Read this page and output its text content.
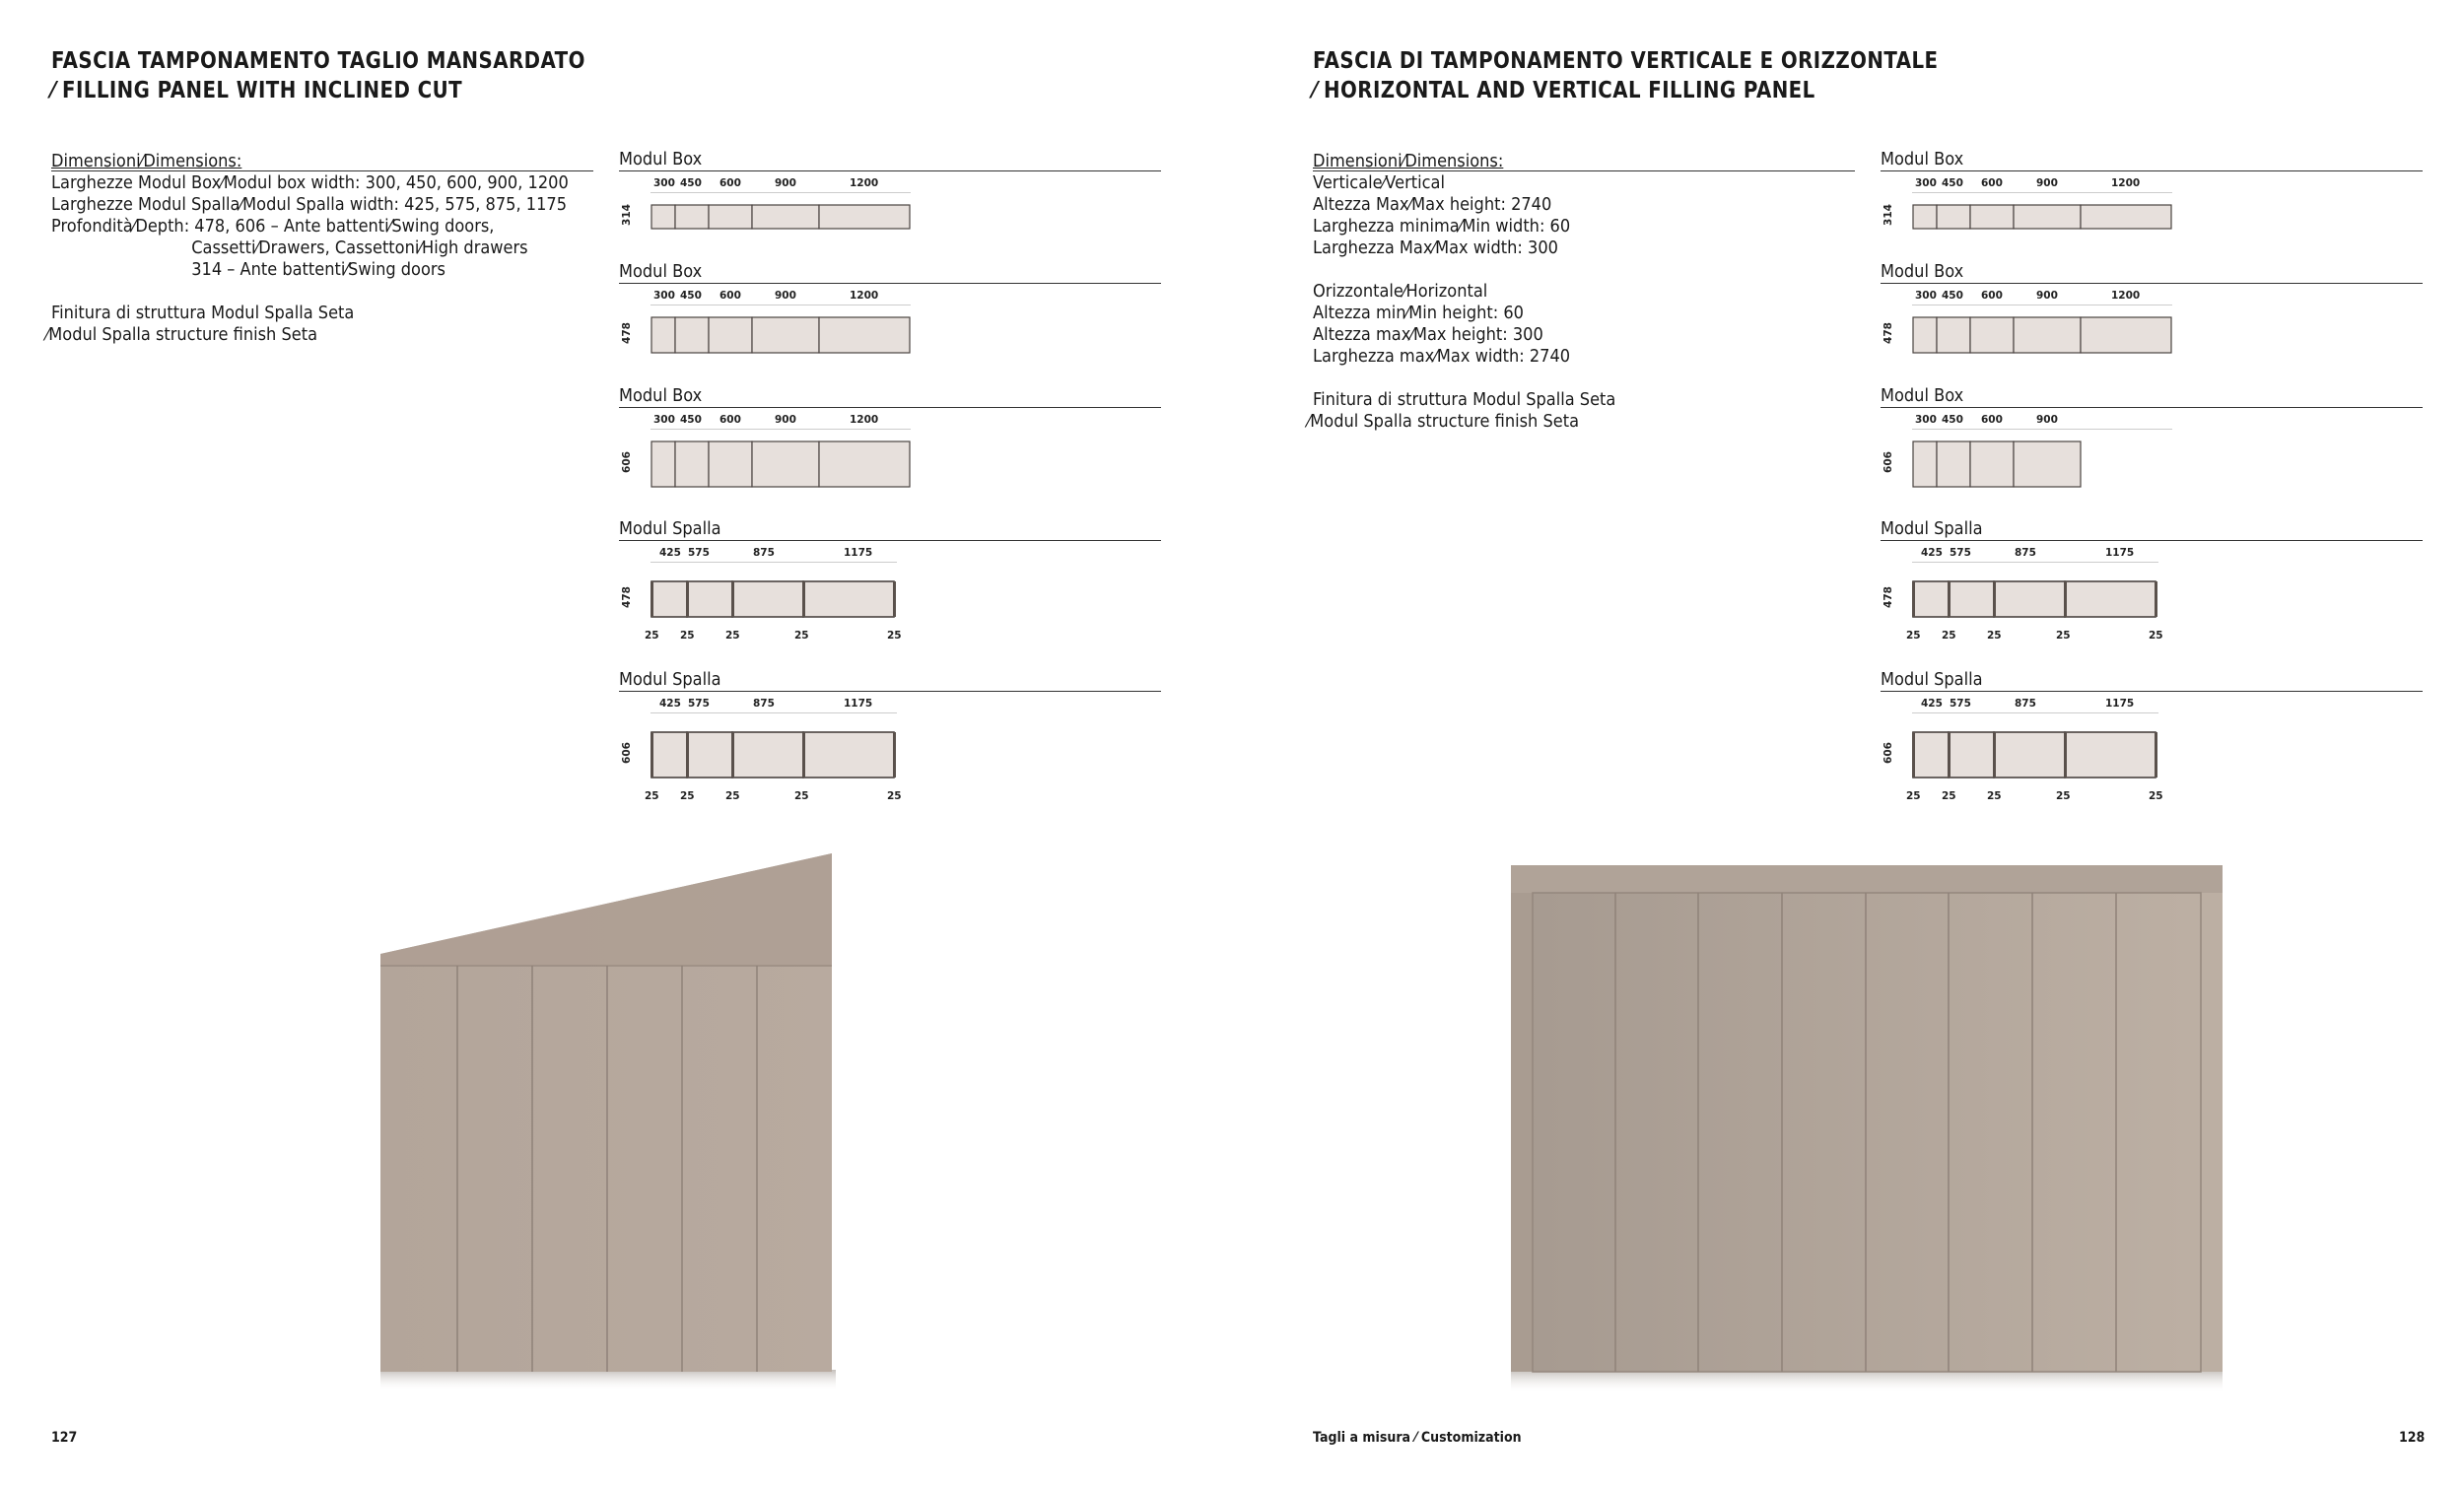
FASCIA TAMPONAMENTO TAGLIO MANSARDATO
⁄ FILLING PANEL WITH INCLINED CUT
FASCIA DI TAMPONAMENTO VERTICALE E ORIZZONTALE
⁄ HORIZONTAL AND VERTICAL FILLING PANEL
Dimensioni⁄Dimensions:
Larghezze Modul Box⁄Modul box width: 300, 450, 600, 900, 1200
Larghezze Modul Spalla⁄Modul Spalla width: 425, 575, 875, 1175
Profondità⁄Depth: 478, 606 – Ante battenti⁄Swing doors,
Cassetti⁄Drawers, Cassettoni⁄High drawers
314 – Ante battenti⁄Swing doors
Finitura di struttura Modul Spalla Seta
⁄Modul Spalla structure finish Seta
Dimensioni⁄Dimensions:
Verticale⁄Vertical
Altezza Max⁄Max height: 2740
Larghezza minima⁄Min width: 60
Larghezza Max⁄Max width: 300
Orizzontale⁄Horizontal
Altezza min⁄Min height: 60
Altezza max⁄Max height: 300
Larghezza max⁄Max width: 2740
Finitura di struttura Modul Spalla Seta
⁄Modul Spalla structure finish Seta
Modul Box
300 450 600	900	1200
314
Modul Box
300 450 600	900	1200
478
Modul Box
300 450 600	900	1200
606
Modul Spalla
425 575	875	1175
478
25 25	25	25	25
Modul Spalla
425 575	875	1175
606
25 25	25	25	25
Modul Box
300 450 600	900	1200
314
Modul Box
300 450 600	900	1200
478
Modul Box
300 450 600	900
606
Modul Spalla
425 575	875	1175
478
25 25	25	25	25
Modul Spalla
425 575	875	1175
606
25 25	25	25	25
127	Tagli a misura ⁄ Customization	128
